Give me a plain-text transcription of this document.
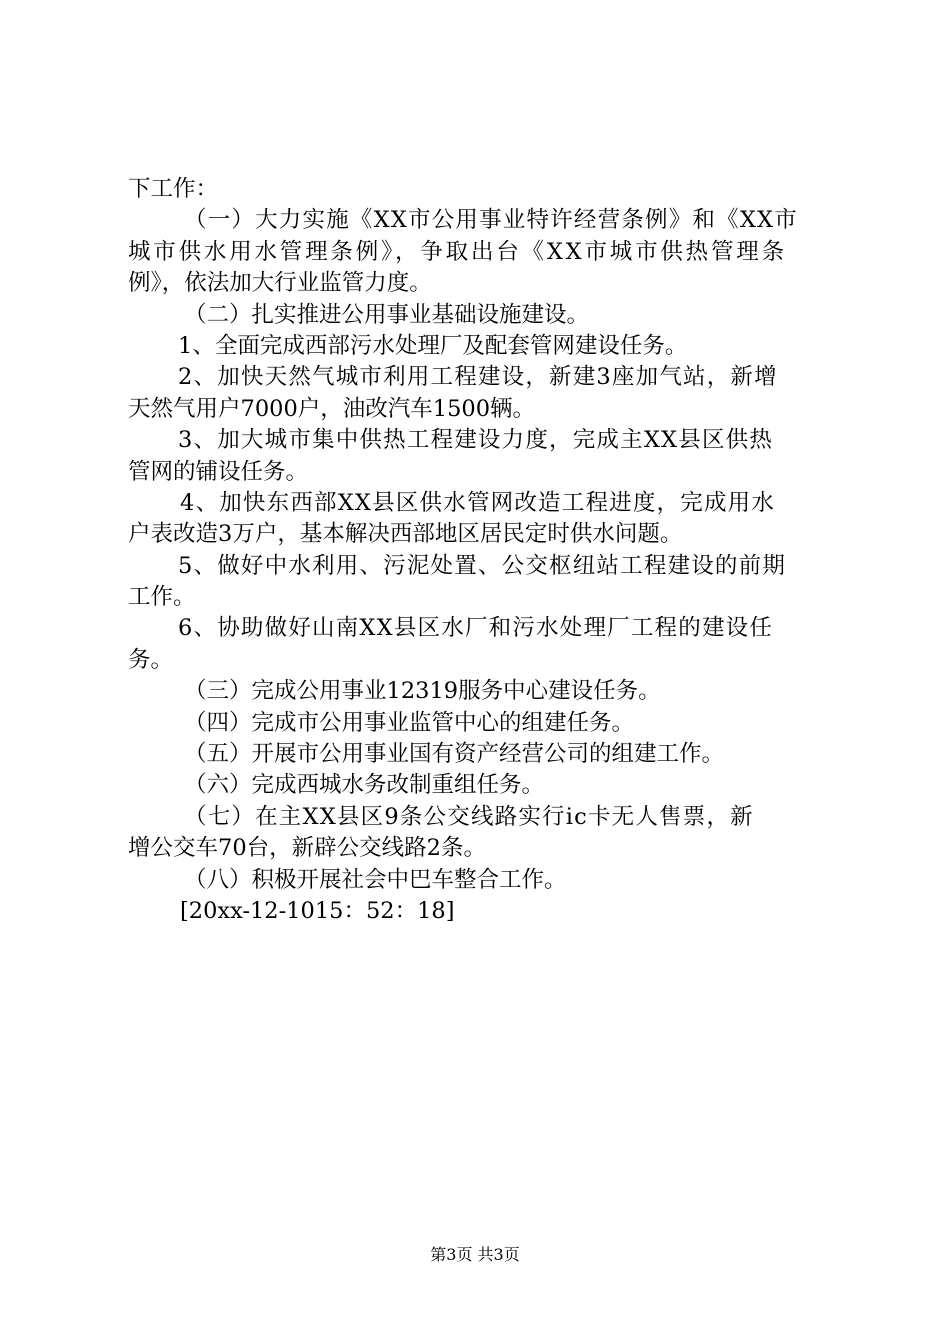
下工作：
（一）大力实施《XX市公用事业特许经营条例》和《XX市
城市供水用水管理条例》，争取出台《XX市城市供热管理条
例》，依法加大行业监管力度。
（二）扎实推进公用事业基础设施建设。
1、全面完成西部污水处理厂及配套管网建设任务。
2、加快天然气城市利用工程建设，新建3座加气站，新增
天然气用户7000户，油改汽车1500辆。
3、加大城市集中供热工程建设力度，完成主XX县区供热
管网的铺设任务。
4、加快东西部XX县区供水管网改造工程进度，完成用水
户表改造3万户，基本解决西部地区居民定时供水问题。
5、做好中水利用、污泥处置、公交枢纽站工程建设的前期
工作。
6、协助做好山南XX县区水厂和污水处理厂工程的建设任
务。
（三）完成公用事业12319服务中心建设任务。
（四）完成市公用事业监管中心的组建任务。
（五）开展市公用事业国有资产经营公司的组建工作。
（六）完成西城水务改制重组任务。
（七）在主XX县区9条公交线路实行ic卡无人售票，新
增公交车70台，新辟公交线路2条。
（八）积极开展社会中巴车整合工作。
[20xx-12-1015：52：18]
第3页 共3页
